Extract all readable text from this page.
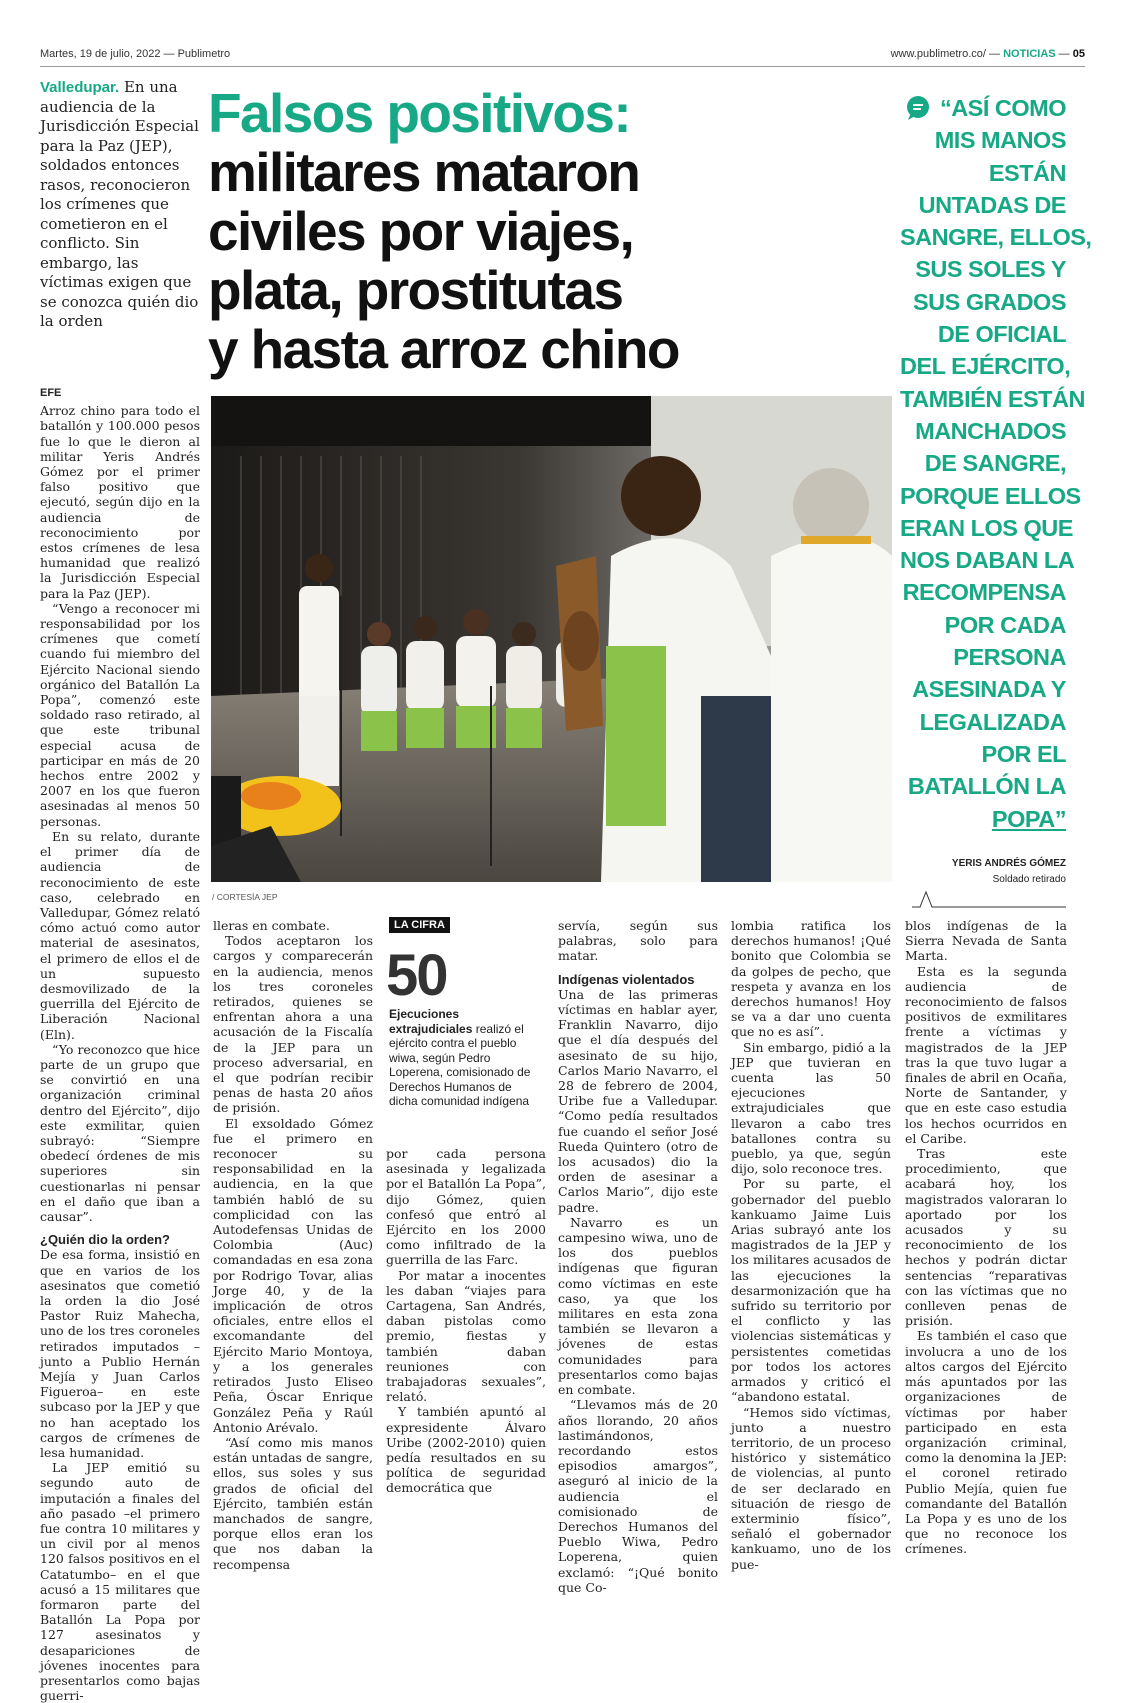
Martes, 19 de julio, 2022 — Publimetro	www.publimetro.co/ — NOTICIAS — 05
Valledupar. En una audiencia de la Jurisdicción Especial para la Paz (JEP), soldados entonces rasos, reconocieron los crímenes que cometieron en el conflicto. Sin embargo, las víctimas exigen que se conozca quién dio la orden
Falsos positivos:
militares mataron
civiles por viajes,
plata, prostitutas
y hasta arroz chino
“ASÍ COMO
MIS MANOS
ESTÁN
UNTADAS DE
SANGRE, ELLOS,
SUS SOLES Y
SUS GRADOS
DE OFICIAL
DEL EJÉRCITO,
TAMBIÉN ESTÁN
MANCHADOS
DE SANGRE,
PORQUE ELLOS
ERAN LOS QUE
NOS DABAN LA
RECOMPENSA
POR CADA
PERSONA
ASESINADA Y
LEGALIZADA
POR EL
BATALLÓN LA
POPA”
YERIS ANDRÉS GÓMEZ
Soldado retirado
/ CORTESÍA JEP
EFE

Arroz chino para todo el batallón y 100.000 pesos fue lo que le dieron al militar Yeris Andrés Gómez por el primer falso positivo que ejecutó, según dijo en la audiencia de reconocimiento por estos crímenes de lesa humanidad que realizó la Jurisdicción Especial para la Paz (JEP).

“Vengo a reconocer mi responsabilidad por los crímenes que cometí cuando fui miembro del Ejército Nacional siendo orgánico del Batallón La Popa”, comenzó este soldado raso retirado, al que este tribunal especial acusa de participar en más de 20 hechos entre 2002 y 2007 en los que fueron asesinadas al menos 50 personas.

En su relato, durante el primer día de audiencia de reconocimiento de este caso, celebrado en Valledupar, Gómez relató cómo actuó como autor material de asesinatos, el primero de ellos el de un supuesto desmovilizado de la guerrilla del Ejército de Liberación Nacional (Eln).

“Yo reconozco que hice parte de un grupo que se convirtió en una organización criminal dentro del Ejército”, dijo este exmilitar, quien subrayó: “Siempre obedecí órdenes de mis superiores sin cuestionarlas ni pensar en el daño que iban a causar”.

¿Quién dio la orden?

De esa forma, insistió en que en varios de los asesinatos que cometió la orden la dio José Pastor Ruiz Mahecha, uno de los tres coroneles retirados imputados –junto a Publio Hernán Mejía y Juan Carlos Figueroa– en este subcaso por la JEP y que no han aceptado los cargos de crímenes de lesa humanidad.

La JEP emitió su segundo auto de imputación a finales del año pasado –el primero fue contra 10 militares y un civil por al menos 120 falsos positivos en el Catatumbo– en el que acusó a 15 militares que formaron parte del Batallón La Popa por 127 asesinatos y desapariciones de jóvenes inocentes para presentarlos como bajas guerri-

lleras en combate.

Todos aceptaron los cargos y comparecerán en la audiencia, menos los tres coroneles retirados, quienes se enfrentan ahora a una acusación de la Fiscalía de la JEP para un proceso adversarial, en el que podrían recibir penas de hasta 20 años de prisión.

El exsoldado Gómez fue el primero en reconocer su responsabilidad en la audiencia, en la que también habló de su complicidad con las Autodefensas Unidas de Colombia (Auc) comandadas en esa zona por Rodrigo Tovar, alias Jorge 40, y de la implicación de otros oficiales, entre ellos el excomandante del Ejército Mario Montoya, y a los generales retirados Justo Eliseo Peña, Óscar Enrique González Peña y Raúl Antonio Arévalo.

“Así como mis manos están untadas de sangre, ellos, sus soles y sus grados de oficial del Ejército, también están manchados de sangre, porque ellos eran los que nos daban la recompensa

LA CIFRA
50
Ejecuciones extrajudiciales realizó el ejército contra el pueblo wiwa, según Pedro Loperena, comisionado de Derechos Humanos de dicha comunidad indígena

por cada persona asesinada y legalizada por el Batallón La Popa”, dijo Gómez, quien confesó que entró al Ejército en los 2000 como infiltrado de la guerrilla de las Farc.

Por matar a inocentes les daban “viajes para Cartagena, San Andrés, daban pistolas como premio, fiestas y también daban reuniones con trabajadoras sexuales”, relató.

Y también apuntó al expresidente Álvaro Uribe (2002-2010) quien pedía resultados en su política de seguridad democrática que

servía, según sus palabras, solo para matar.

Indígenas violentados

Una de las primeras víctimas en hablar ayer, Franklin Navarro, dijo que el día después del asesinato de su hijo, Carlos Mario Navarro, el 28 de febrero de 2004, Uribe fue a Valledupar. “Como pedía resultados fue cuando el señor José Rueda Quintero (otro de los acusados) dio la orden de asesinar a Carlos Mario”, dijo este padre.

Navarro es un campesino wiwa, uno de los dos pueblos indígenas que figuran como víctimas en este caso, ya que los militares en esta zona también se llevaron a jóvenes de estas comunidades para presentarlos como bajas en combate.

“Llevamos más de 20 años llorando, 20 años lastimándonos, recordando estos episodios amargos”, aseguró al inicio de la audiencia el comisionado de Derechos Humanos del Pueblo Wiwa, Pedro Loperena, quien exclamó: “¡Qué bonito que Co-

lombia ratifica los derechos humanos! ¡Qué bonito que Colombia se da golpes de pecho, que respeta y avanza en los derechos humanos! Hoy se va a dar uno cuenta que no es así”.

Sin embargo, pidió a la JEP que tuvieran en cuenta las 50 ejecuciones extrajudiciales que llevaron a cabo tres batallones contra su pueblo, ya que, según dijo, solo reconoce tres.

Por su parte, el gobernador del pueblo kankuamo Jaime Luis Arias subrayó ante los magistrados de la JEP y los militares acusados de las ejecuciones la desarmonización que ha sufrido su territorio por el conflicto y las violencias sistemáticas y persistentes cometidas por todos los actores armados y criticó el “abandono estatal.

“Hemos sido víctimas, junto a nuestro territorio, de un proceso histórico y sistemático de violencias, al punto de ser declarado en situación de riesgo de exterminio físico”, señaló el gobernador kankuamo, uno de los pue-

blos indígenas de la Sierra Nevada de Santa Marta.

Esta es la segunda audiencia de reconocimiento de falsos positivos de exmilitares frente a víctimas y magistrados de la JEP tras la que tuvo lugar a finales de abril en Ocaña, Norte de Santander, y que en este caso estudia los hechos ocurridos en el Caribe.

Tras este procedimiento, que acabará hoy, los magistrados valoraran lo aportado por los acusados y su reconocimiento de los hechos y podrán dictar sentencias “reparativas con las víctimas que no conlleven penas de prisión.

Es también el caso que involucra a uno de los altos cargos del Ejército más apuntados por las organizaciones de víctimas por haber participado en esta organización criminal, como la denomina la JEP: el coronel retirado Publio Mejía, quien fue comandante del Batallón La Popa y es uno de los que no reconoce los crímenes.
